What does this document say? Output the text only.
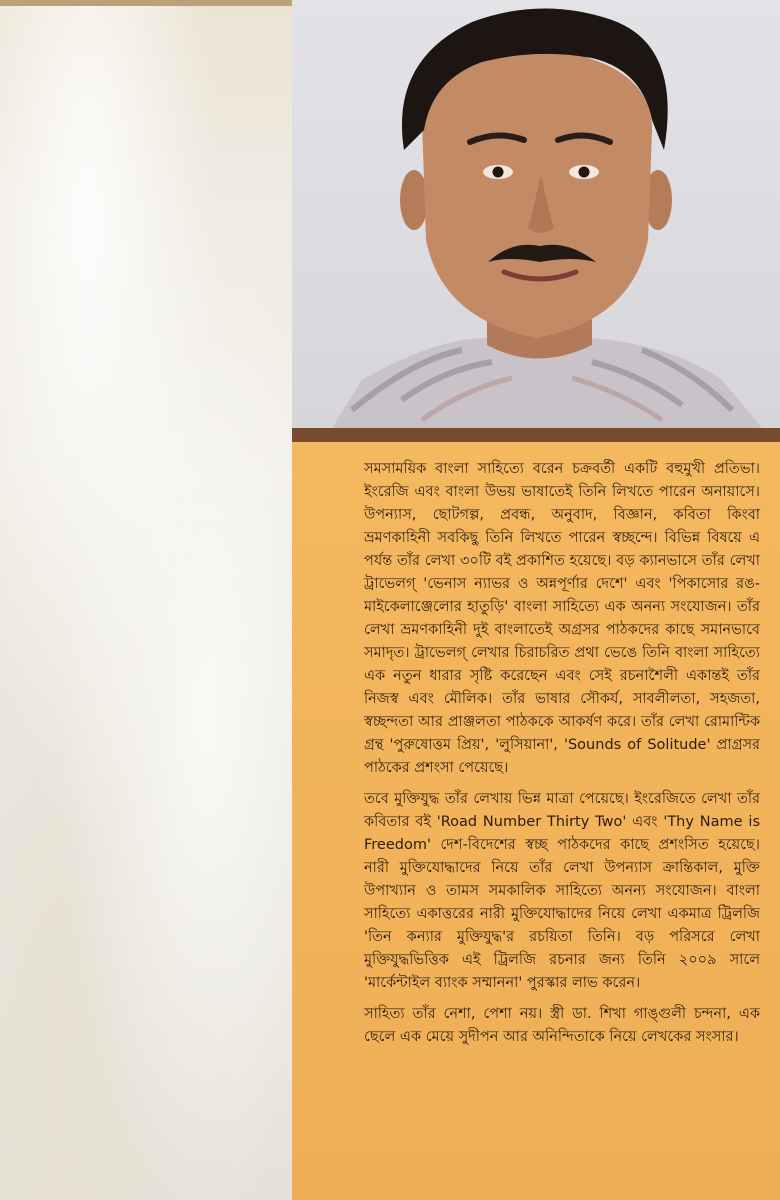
সমসাময়িক বাংলা সাহিত্যে বরেন চক্রবর্তী একটি বহুমুখী প্রতিভা। ইংরেজি এবং বাংলা উভয় ভাষাতেই তিনি লিখতে পারেন অনায়াসে। উপন্যাস, ছোটগল্প, প্রবন্ধ, অনুবাদ, বিজ্ঞান, কবিতা কিংবা ভ্রমণকাহিনী সবকিছু তিনি লিখতে পারেন স্বচ্ছন্দে। বিভিন্ন বিষয়ে এ পর্যন্ত তাঁর লেখা ৩০টি বই প্রকাশিত হয়েছে। বড় ক্যানভাসে তাঁর লেখা ট্রাভেলগ্‌ 'ভেনাস ন্যাভর ও অন্নপূর্ণার দেশে' এবং 'পিকাসোর রঙ-মাইকেলাঞ্জেলোর হাতুড়ি' বাংলা সাহিত্যে এক অনন্য সংযোজন। তাঁর লেখা ভ্রমণকাহিনী দুই বাংলাতেই অগ্রসর পাঠকদের কাছে সমানভাবে সমাদৃত। ট্রাভেলগ্‌ লেখার চিরাচরিত প্রথা ভেঙে তিনি বাংলা সাহিত্যে এক নতুন ধারার সৃষ্টি করেছেন এবং সেই রচনাশৈলী একান্তই তাঁর নিজস্ব এবং মৌলিক। তাঁর ভাষার সৌকর্য, সাবলীলতা, সহজতা, স্বচ্ছন্দতা আর প্রাঞ্জলতা পাঠককে আকর্ষণ করে। তাঁর লেখা রোমান্টিক গ্রন্থ 'পুরুষোত্তম প্রিয়', 'লুসিয়ানা', 'Sounds of Solitude' প্রাগ্রসর পাঠকের প্রশংসা পেয়েছে।

তবে মুক্তিযুদ্ধ তাঁর লেখায় ভিন্ন মাত্রা পেয়েছে। ইংরেজিতে লেখা তাঁর কবিতার বই 'Road Number Thirty Two' এবং 'Thy Name is Freedom' দেশ-বিদেশের স্বচ্ছ পাঠকদের কাছে প্রশংসিত হয়েছে। নারী মুক্তিযোদ্ধাদের নিয়ে তাঁর লেখা উপন্যাস ক্রান্তিকাল, মুক্তি উপাখ্যান ও তামস সমকালিক সাহিত্যে অনন্য সংযোজন। বাংলা সাহিত্যে একাত্তরের নারী মুক্তিযোদ্ধাদের নিয়ে লেখা একমাত্র ট্রিলজি 'তিন কন্যার মুক্তিযুদ্ধ'র রচয়িতা তিনি। বড় পরিসরে লেখা মুক্তিযুদ্ধভিত্তিক এই ট্রিলজি রচনার জন্য তিনি ২০০৯ সালে 'মার্কেন্টাইল ব্যাংক সম্মাননা' পুরস্কার লাভ করেন।

সাহিত্য তাঁর নেশা, পেশা নয়। স্ত্রী ডা. শিখা গাঙ্গুলী চন্দনা, এক ছেলে এক মেয়ে সুদীপন আর অনিন্দিতাকে নিয়ে লেখকের সংসার।
